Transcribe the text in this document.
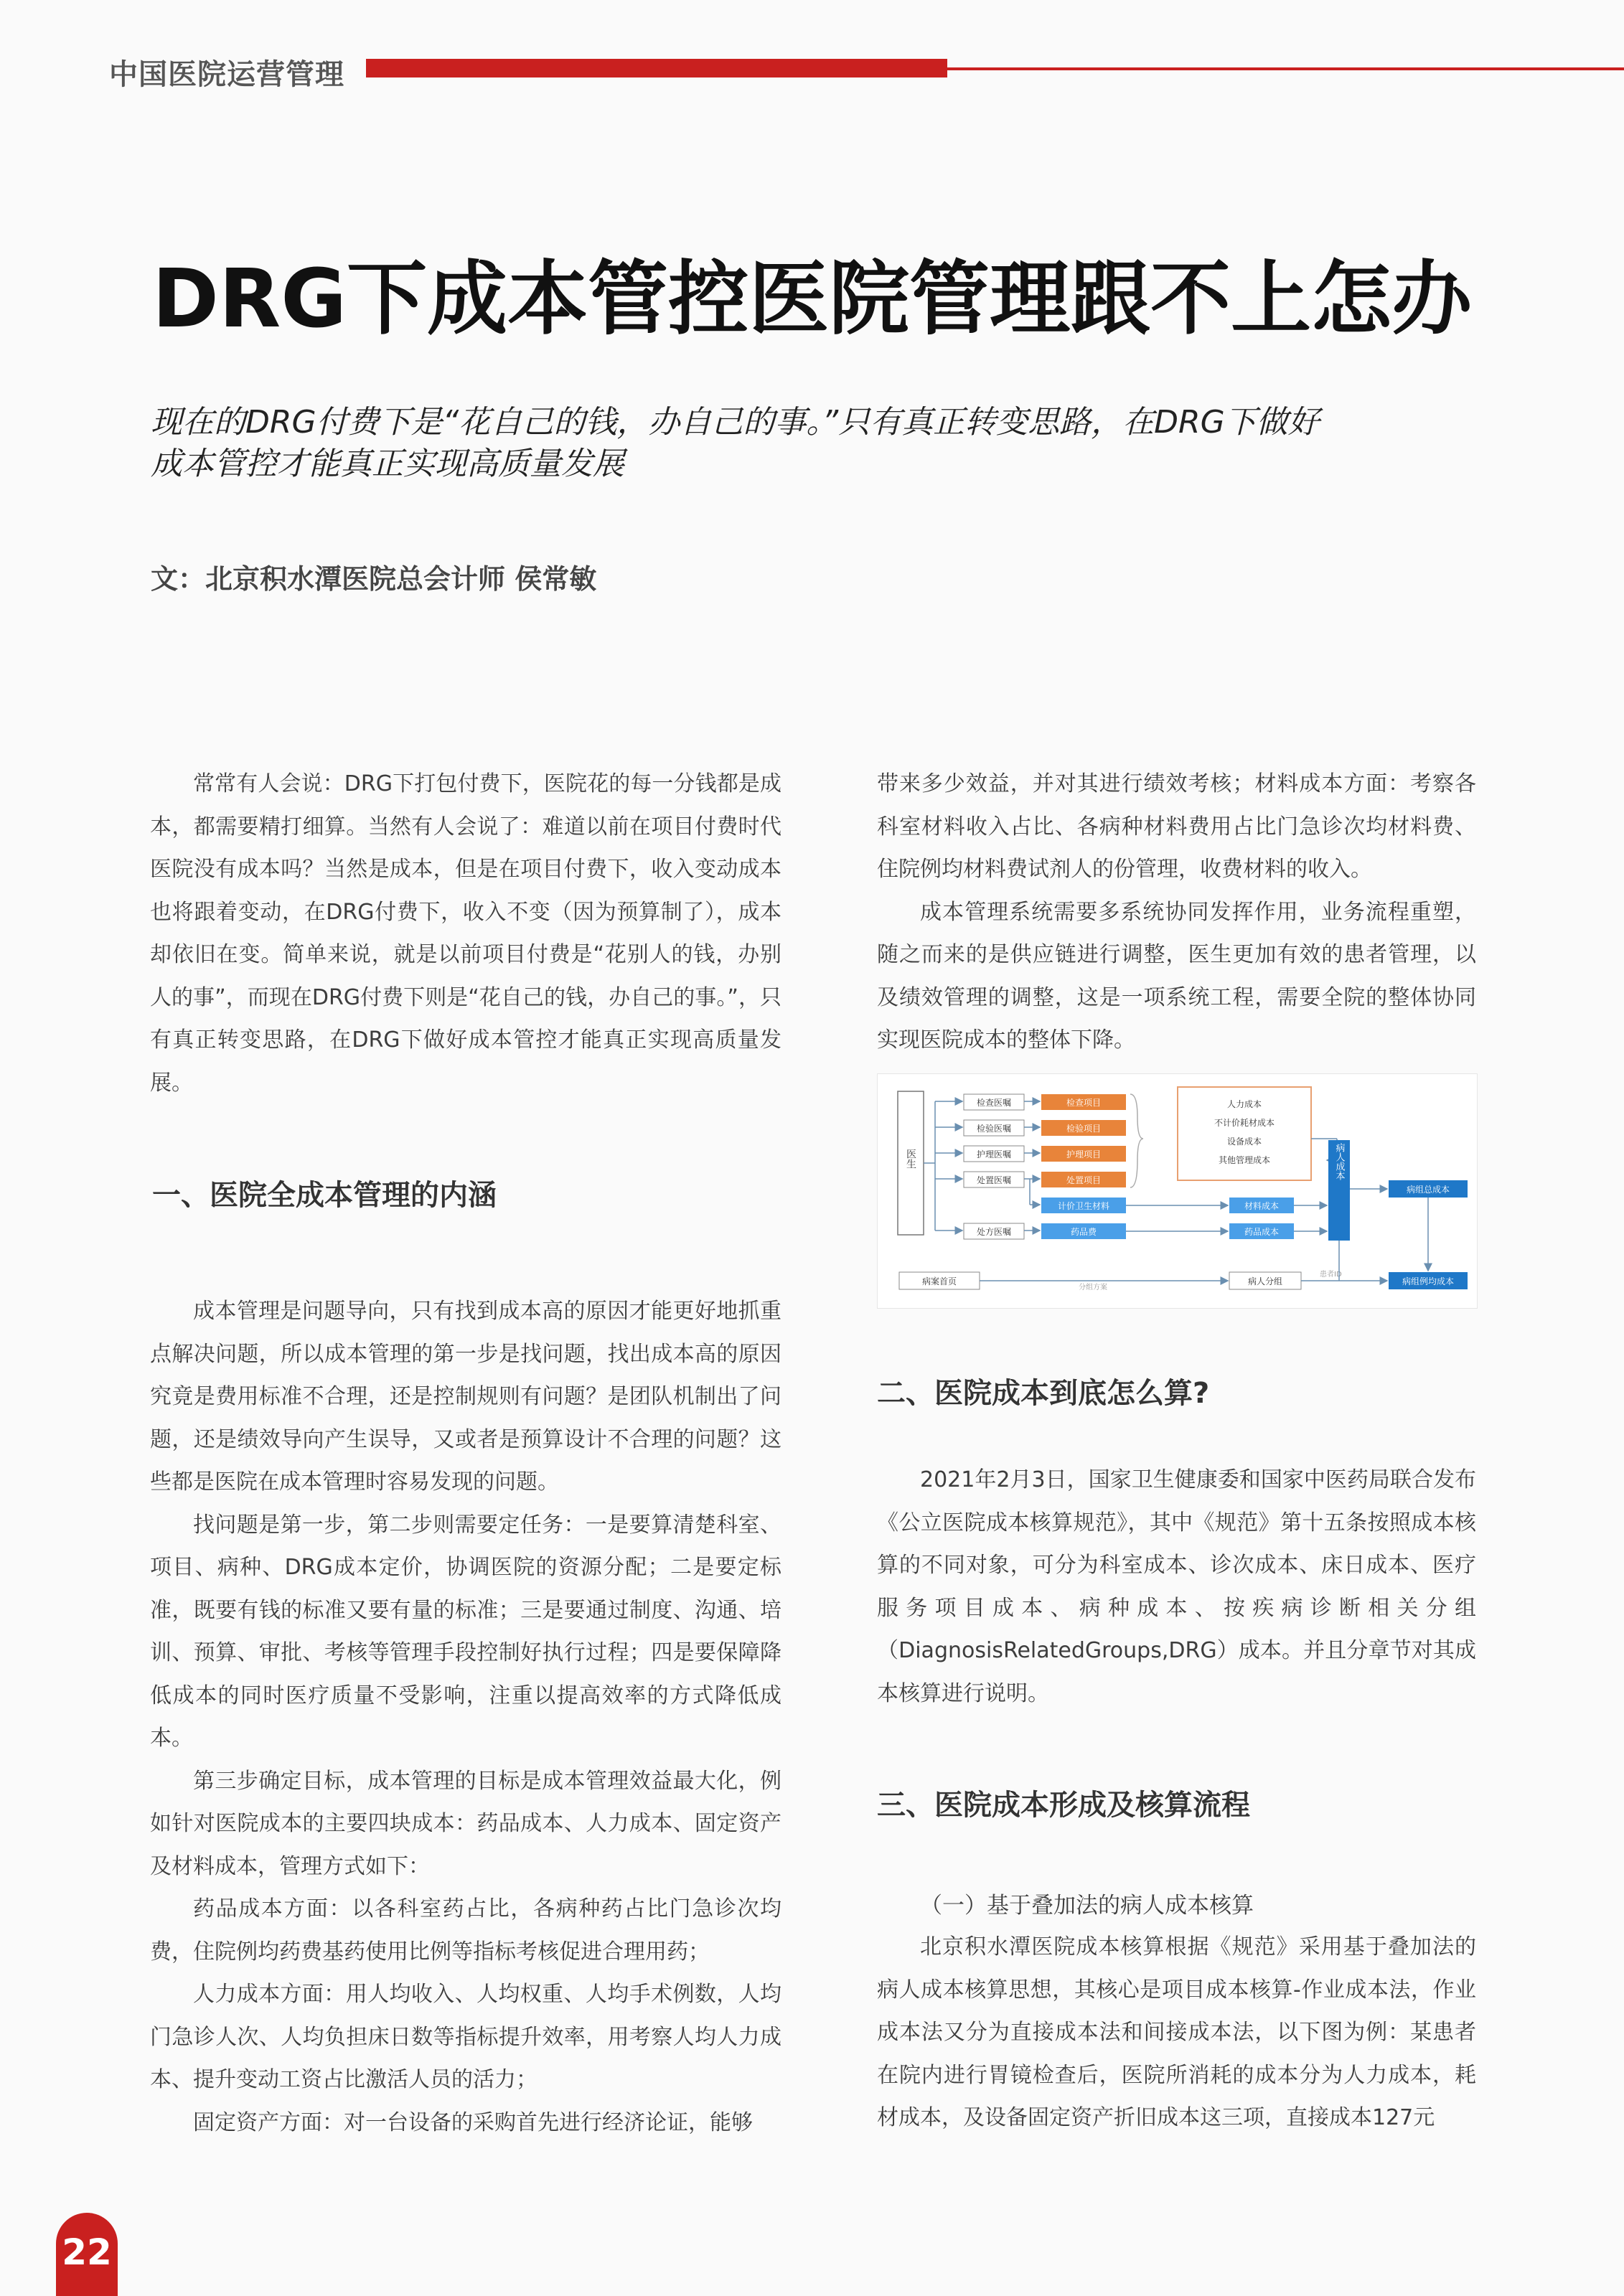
中国医院运营管理
DRG下成本管控医院管理跟不上怎办
现在的DRG付费下是“花自己的钱，办自己的事。”只有真正转变思路，在DRG下做好
成本管控才能真正实现高质量发展
文：北京积水潭医院总会计师 侯常敏

常常有人会说：DRG下打包付费下，医院花的每一分钱都是成本，都需要精打细算。当然有人会说了：难道以前在项目付费时代医院没有成本吗？当然是成本，但是在项目付费下，收入变动成本也将跟着变动，在DRG付费下，收入不变（因为预算制了），成本却依旧在变。简单来说，就是以前项目付费是“花别人的钱，办别人的事”，而现在DRG付费下则是“花自己的钱，办自己的事。”，只有真正转变思路，在DRG下做好成本管控才能真正实现高质量发展。

一、医院全成本管理的内涵

成本管理是问题导向，只有找到成本高的原因才能更好地抓重点解决问题，所以成本管理的第一步是找问题，找出成本高的原因究竟是费用标准不合理，还是控制规则有问题？是团队机制出了问题，还是绩效导向产生误导，又或者是预算设计不合理的问题？这些都是医院在成本管理时容易发现的问题。

找问题是第一步，第二步则需要定任务：一是要算清楚科室、项目、病种、DRG成本定价，协调医院的资源分配；二是要定标准，既要有钱的标准又要有量的标准；三是要通过制度、沟通、培训、预算、审批、考核等管理手段控制好执行过程；四是要保障降低成本的同时医疗质量不受影响，注重以提高效率的方式降低成本。

第三步确定目标，成本管理的目标是成本管理效益最大化，例如针对医院成本的主要四块成本：药品成本、人力成本、固定资产及材料成本，管理方式如下：

药品成本方面：以各科室药占比，各病种药占比门急诊次均费，住院例均药费基药使用比例等指标考核促进合理用药；

人力成本方面：用人均收入、人均权重、人均手术例数，人均门急诊人次、人均负担床日数等指标提升效率，用考察人均人力成本、提升变动工资占比激活人员的活力；

固定资产方面：对一台设备的采购首先进行经济论证，能够

带来多少效益，并对其进行绩效考核；材料成本方面：考察各科室材料收入占比、各病种材料费用占比门急诊次均材料费、住院例均材料费试剂人的份管理，收费材料的收入。

成本管理系统需要多系统协同发挥作用，业务流程重塑，随之而来的是供应链进行调整，医生更加有效的患者管理，以及绩效管理的调整，这是一项系统工程，需要全院的整体协同实现医院成本的整体下降。

医生
检查医嘱
检验医嘱
护理医嘱
处置医嘱
处方医嘱
检查项目
检验项目
护理项目
处置项目
计价卫生材料
药品费
人力成本
不计价耗材成本
设备成本
其他管理成本
材料成本
药品成本
病人成本
病组总成本
病案首页
分组方案
病人分组
患者ID
病组例均成本
二、医院成本到底怎么算?

2021年2月3日，国家卫生健康委和国家中医药局联合发布《公立医院成本核算规范》，其中《规范》第十五条按照成本核算的不同对象，可分为科室成本、诊次成本、床日成本、医疗服务项目成本、病种成本、按疾病诊断相关分组（DiagnosisRelatedGroups,DRG）成本。并且分章节对其成本核算进行说明。

三、医院成本形成及核算流程
（一）基于叠加法的病人成本核算

北京积水潭医院成本核算根据《规范》采用基于叠加法的病人成本核算思想，其核心是项目成本核算-作业成本法，作业成本法又分为直接成本法和间接成本法，以下图为例：某患者在院内进行胃镜检查后，医院所消耗的成本分为人力成本，耗材成本，及设备固定资产折旧成本这三项，直接成本127元

22
